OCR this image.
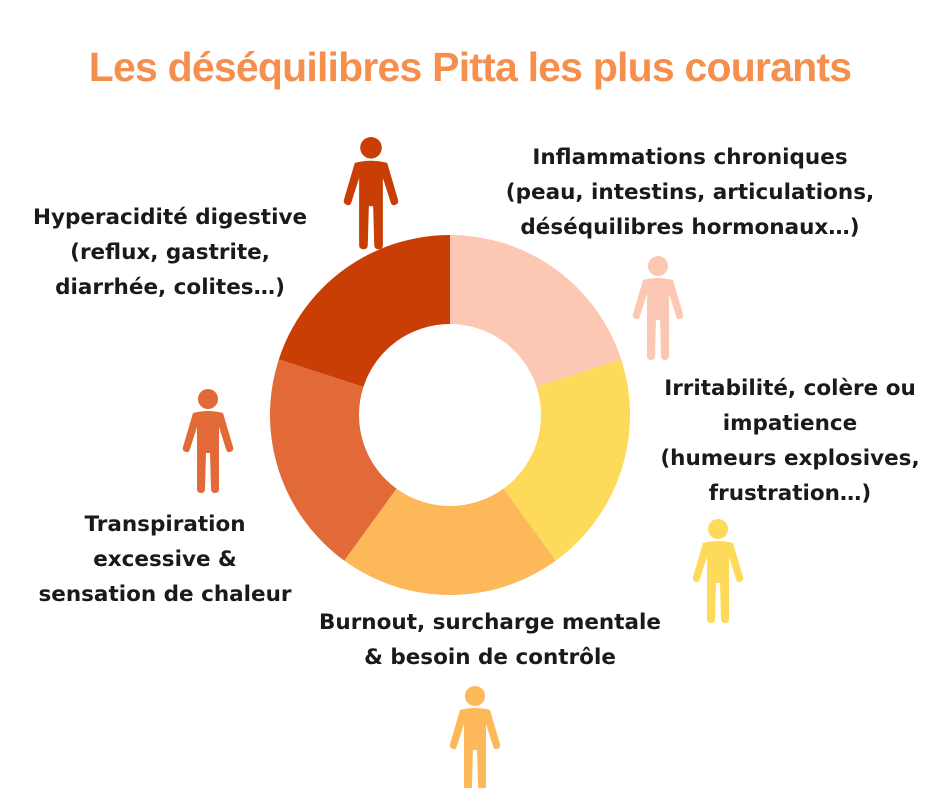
Les déséquilibres Pitta les plus courants
Inflammations chroniques
(peau, intestins, articulations,
déséquilibres hormonaux…)
Irritabilité, colère ou
impatience
(humeurs explosives,
frustration…)
Burnout, surcharge mentale
& besoin de contrôle
Transpiration
excessive &
sensation de chaleur
Hyperacidité digestive
(reflux, gastrite,
diarrhée, colites…)
